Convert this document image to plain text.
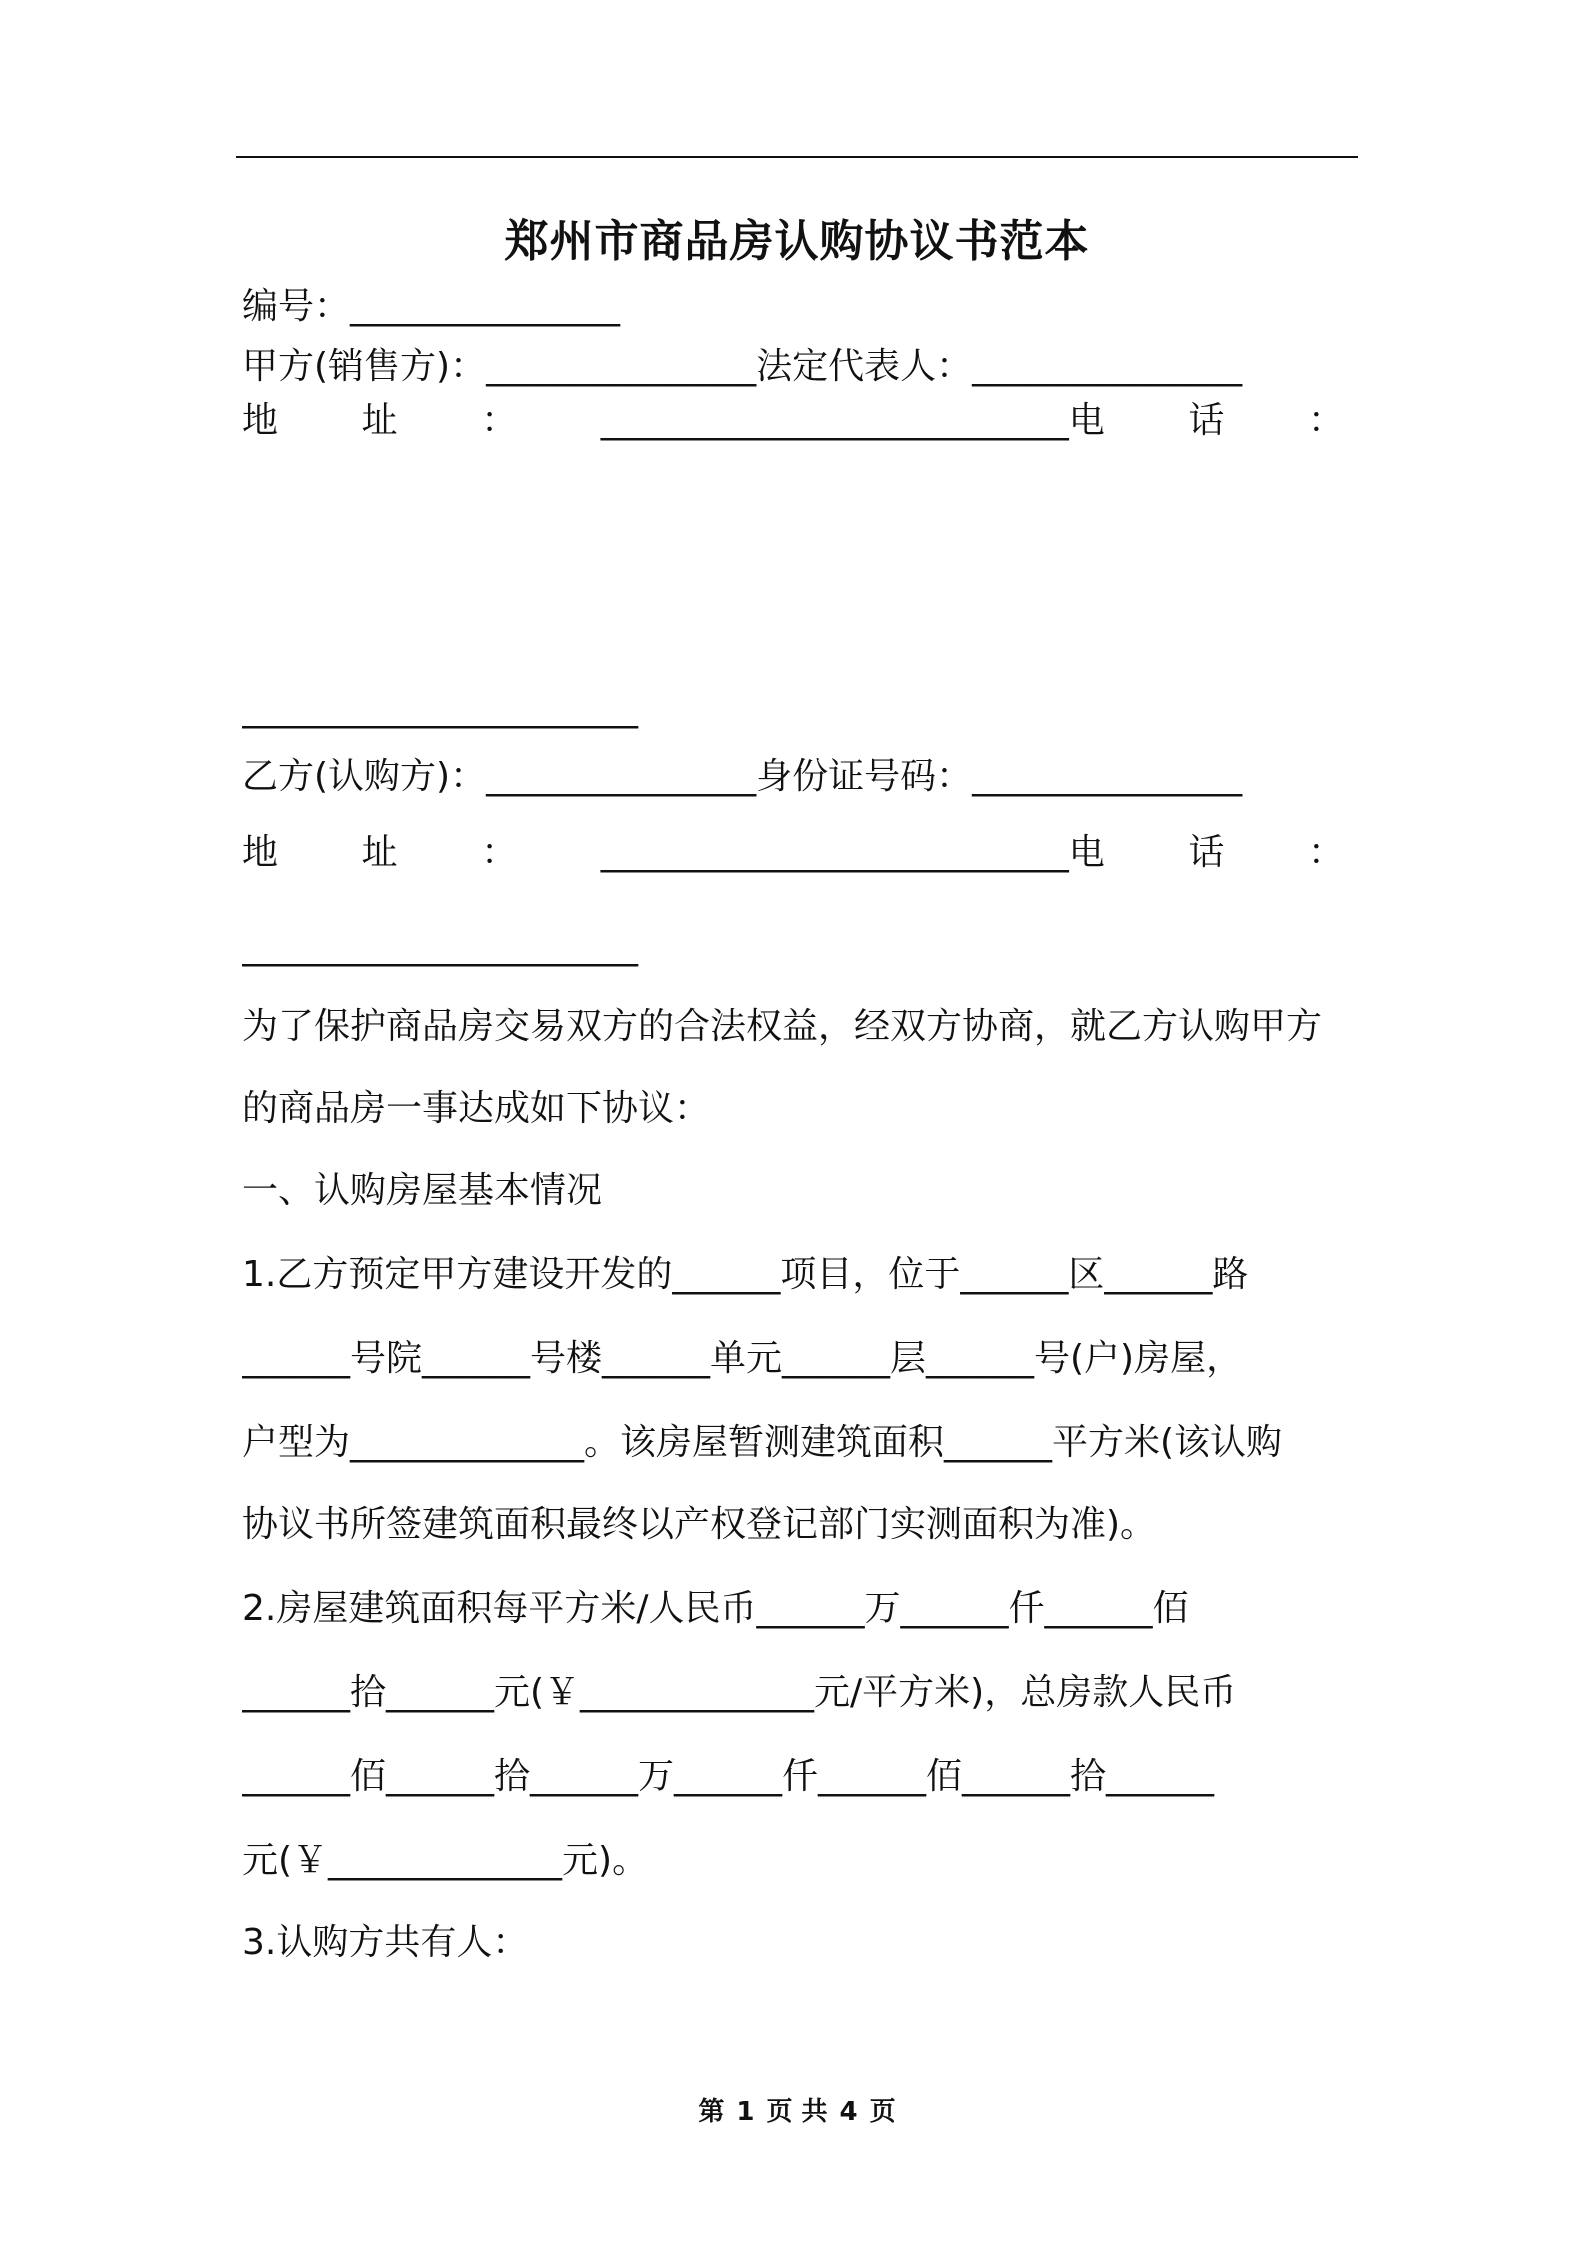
郑州市商品房认购协议书范本
编号：_______________
甲方(销售方)：_______________法定代表人：_______________
地 址 ： __________________________电 话 ：
______________________
乙方(认购方)：_______________身份证号码：_______________
地 址 ： __________________________电 话 ：
______________________
为了保护商品房交易双方的合法权益，经双方协商，就乙方认购甲方
的商品房一事达成如下协议：
一、认购房屋基本情况
1.乙方预定甲方建设开发的______项目，位于______区______路
______号院______号楼______单元______层______号(户)房屋，
户型为_____________。该房屋暂测建筑面积______平方米(该认购
协议书所签建筑面积最终以产权登记部门实测面积为准)。
2.房屋建筑面积每平方米/人民币______万______仟______佰
______拾______元(￥_____________元/平方米)，总房款人民币
______佰______拾______万______仟______佰______拾______
元(￥_____________元)。
3.认购方共有人：
第 1 页 共 4 页
